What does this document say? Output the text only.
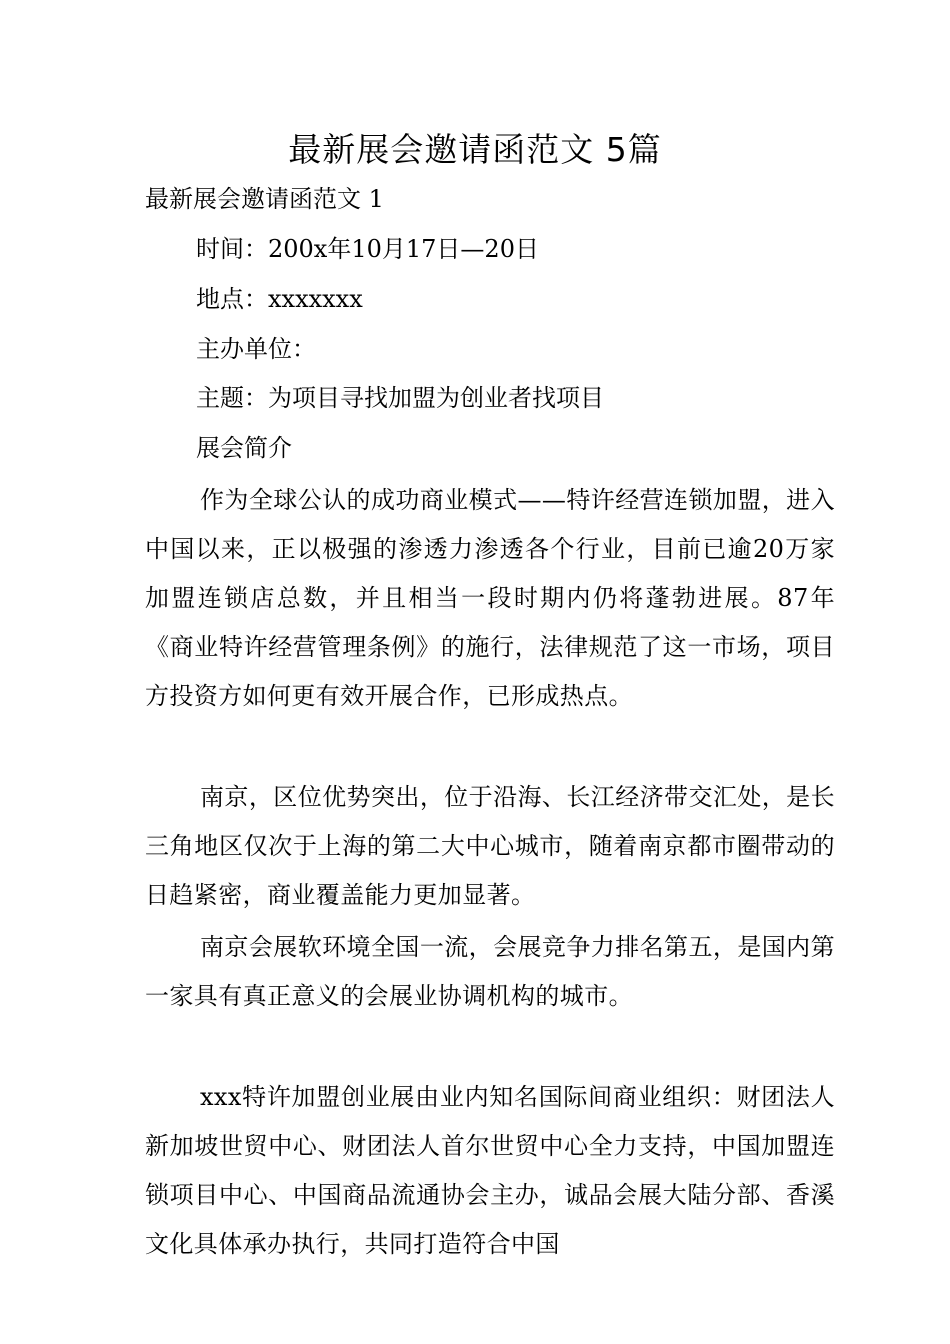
最新展会邀请函范文 5篇
最新展会邀请函范文 1
时间：200x年10月17日—20日
地点：xxxxxxx
主办单位：
主题：为项目寻找加盟为创业者找项目
展会简介

作为全球公认的成功商业模式——特许经营连锁加盟，进入中国以来，正以极强的渗透力渗透各个行业，目前已逾20万家加盟连锁店总数，并且相当一段时期内仍将蓬勃进展。87年《商业特许经营管理条例》的施行，法律规范了这一市场，项目方投资方如何更有效开展合作，已形成热点。

南京，区位优势突出，位于沿海、长江经济带交汇处，是长三角地区仅次于上海的第二大中心城市，随着南京都市圈带动的日趋紧密，商业覆盖能力更加显著。

南京会展软环境全国一流，会展竞争力排名第五，是国内第一家具有真正意义的会展业协调机构的城市。

xxx特许加盟创业展由业内知名国际间商业组织：财团法人新加坡世贸中心、财团法人首尔世贸中心全力支持，中国加盟连锁项目中心、中国商品流通协会主办，诚品会展大陆分部、香溪文化具体承办执行，共同打造符合中国
